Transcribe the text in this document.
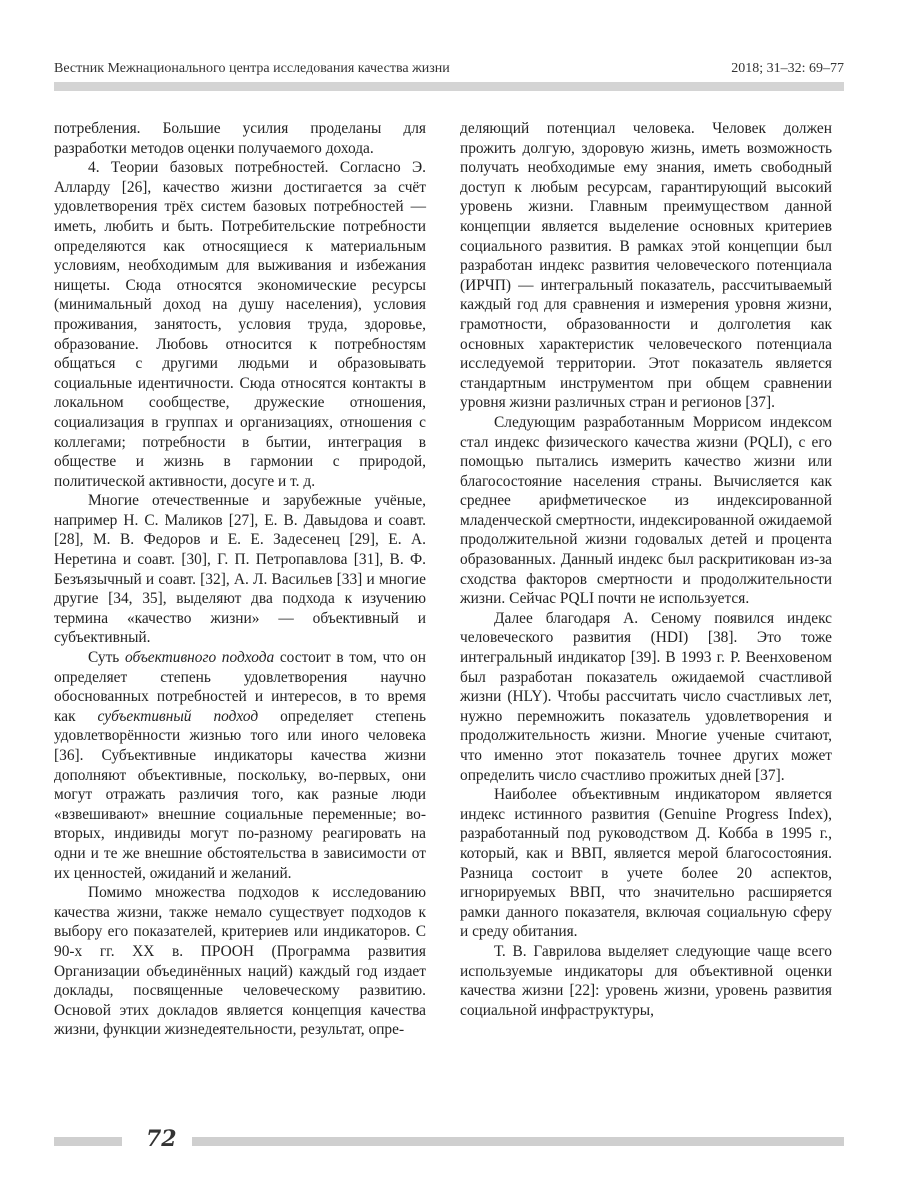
Вестник Межнационального центра исследования качества жизни	2018; 31–32: 69–77

потребления. Большие усилия проделаны для разработки методов оценки получаемого дохода.

4. Теории базовых потребностей. Согласно Э. Аллардy [26], качество жизни достигается за счёт удовлетворения трёх систем базовых потребностей — иметь, любить и быть. Потребительские потребности определяются как относящиеся к материальным условиям, необходимым для выживания и избежания нищеты. Сюда относятся экономические ресурсы (минимальный доход на душу населения), условия проживания, занятость, условия труда, здоровье, образование. Любовь относится к потребностям общаться с другими людьми и образовывать социальные идентичности. Сюда относятся контакты в локальном сообществе, дружеские отношения, социализация в группах и организациях, отношения с коллегами; потребности в бытии, интеграция в обществе и жизнь в гармонии с природой, политической активности, досуге и т. д.

Многие отечественные и зарубежные учёные, например Н. С. Маликов [27], Е. В. Давыдова и соавт. [28], М. В. Федоров и Е. Е. Задесенец [29], Е. А. Неретина и соавт. [30], Г. П. Петропавлова [31], В. Ф. Безъязычный и соавт. [32], А. Л. Васильев [33] и многие другие [34, 35], выделяют два подхода к изучению термина «качество жизни» — объективный и субъективный.

Суть объективного подхода состоит в том, что он определяет степень удовлетворения научно обоснованных потребностей и интересов, в то время как субъективный подход определяет степень удовлетворённости жизнью того или иного человека [36]. Субъективные индикаторы качества жизни дополняют объективные, поскольку, во-первых, они могут отражать различия того, как разные люди «взвешивают» внешние социальные переменные; во-вторых, индивиды могут по-разному реагировать на одни и те же внешние обстоятельства в зависимости от их ценностей, ожиданий и желаний.

Помимо множества подходов к исследованию качества жизни, также немало существует подходов к выбору его показателей, критериев или индикаторов. С 90-х гг. XX в. ПРООН (Программа развития Организации объединённых наций) каждый год издает доклады, посвященные человеческому развитию. Основой этих докладов является концепция качества жизни, функции жизнедеятельности, результат, опре-

деляющий потенциал человека. Человек должен прожить долгую, здоровую жизнь, иметь возможность получать необходимые ему знания, иметь свободный доступ к любым ресурсам, гарантирующий высокий уровень жизни. Главным преимуществом данной концепции является выделение основных критериев социального развития. В рамках этой концепции был разработан индекс развития человеческого потенциала (ИРЧП) — интегральный показатель, рассчитываемый каждый год для сравнения и измерения уровня жизни, грамотности, образованности и долголетия как основных характеристик человеческого потенциала исследуемой территории. Этот показатель является стандартным инструментом при общем сравнении уровня жизни различных стран и регионов [37].

Следующим разработанным Моррисом индексом стал индекс физического качества жизни (PQLI), с его помощью пытались измерить качество жизни или благосостояние населения страны. Вычисляется как среднее арифметическое из индексированной младенческой смертности, индексированной ожидаемой продолжительной жизни годовалых детей и процента образованных. Данный индекс был раскритикован из-за сходства факторов смертности и продолжительности жизни. Сейчас PQLI почти не используется.

Далее благодаря А. Сеному появился индекс человеческого развития (HDI) [38]. Это тоже интегральный индикатор [39]. В 1993 г. Р. Веенховеном был разработан показатель ожидаемой счастливой жизни (HLY). Чтобы рассчитать число счастливых лет, нужно перемножить показатель удовлетворения и продолжительность жизни. Многие ученые считают, что именно этот показатель точнее других может определить число счастливо прожитых дней [37].

Наиболее объективным индикатором является индекс истинного развития (Genuine Progress Index), разработанный под руководством Д. Кобба в 1995 г., который, как и ВВП, является мерой благосостояния. Разница состоит в учете более 20 аспектов, игнорируемых ВВП, что значительно расширяется рамки данного показателя, включая социальную сферу и среду обитания.

Т. В. Гаврилова выделяет следующие чаще всего используемые индикаторы для объективной оценки качества жизни [22]: уровень жизни, уровень развития социальной инфраструктуры,

72
